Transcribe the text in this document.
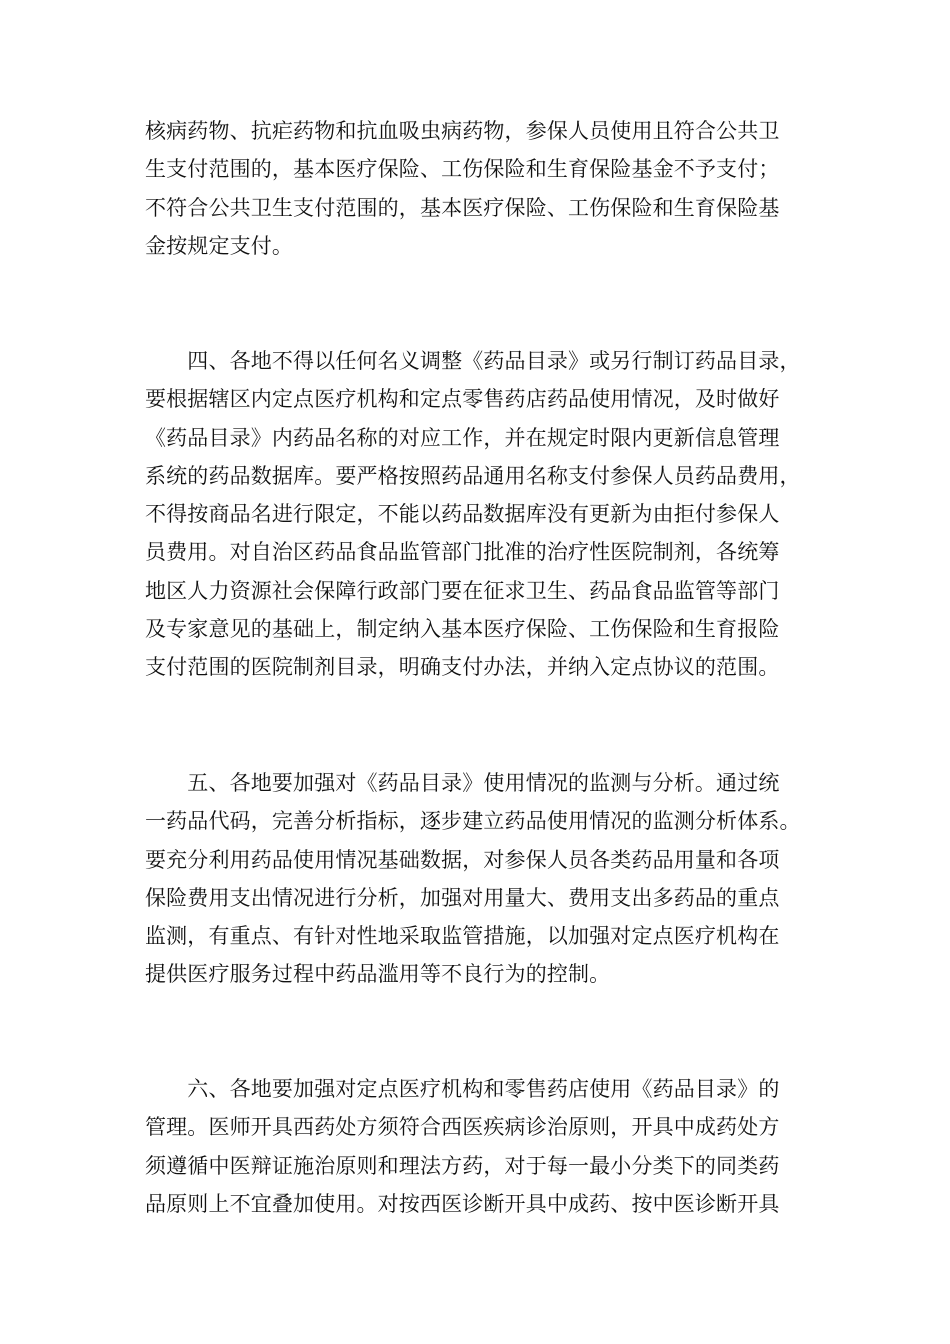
核病药物、抗疟药物和抗血吸虫病药物，参保人员使用且符合公共卫
生支付范围的，基本医疗保险、工伤保险和生育保险基金不予支付；
不符合公共卫生支付范围的，基本医疗保险、工伤保险和生育保险基
金按规定支付。

　　四、各地不得以任何名义调整《药品目录》或另行制订药品目录，
要根据辖区内定点医疗机构和定点零售药店药品使用情况，及时做好
《药品目录》内药品名称的对应工作，并在规定时限内更新信息管理
系统的药品数据库。要严格按照药品通用名称支付参保人员药品费用，
不得按商品名进行限定，不能以药品数据库没有更新为由拒付参保人
员费用。对自治区药品食品监管部门批准的治疗性医院制剂，各统筹
地区人力资源社会保障行政部门要在征求卫生、药品食品监管等部门
及专家意见的基础上，制定纳入基本医疗保险、工伤保险和生育报险
支付范围的医院制剂目录，明确支付办法，并纳入定点协议的范围。

　　五、各地要加强对《药品目录》使用情况的监测与分析。通过统
一药品代码，完善分析指标，逐步建立药品使用情况的监测分析体系。
要充分利用药品使用情况基础数据，对参保人员各类药品用量和各项
保险费用支出情况进行分析，加强对用量大、费用支出多药品的重点
监测，有重点、有针对性地采取监管措施，以加强对定点医疗机构在
提供医疗服务过程中药品滥用等不良行为的控制。

　　六、各地要加强对定点医疗机构和零售药店使用《药品目录》的
管理。医师开具西药处方须符合西医疾病诊治原则，开具中成药处方
须遵循中医辩证施治原则和理法方药，对于每一最小分类下的同类药
品原则上不宜叠加使用。对按西医诊断开具中成药、按中医诊断开具
